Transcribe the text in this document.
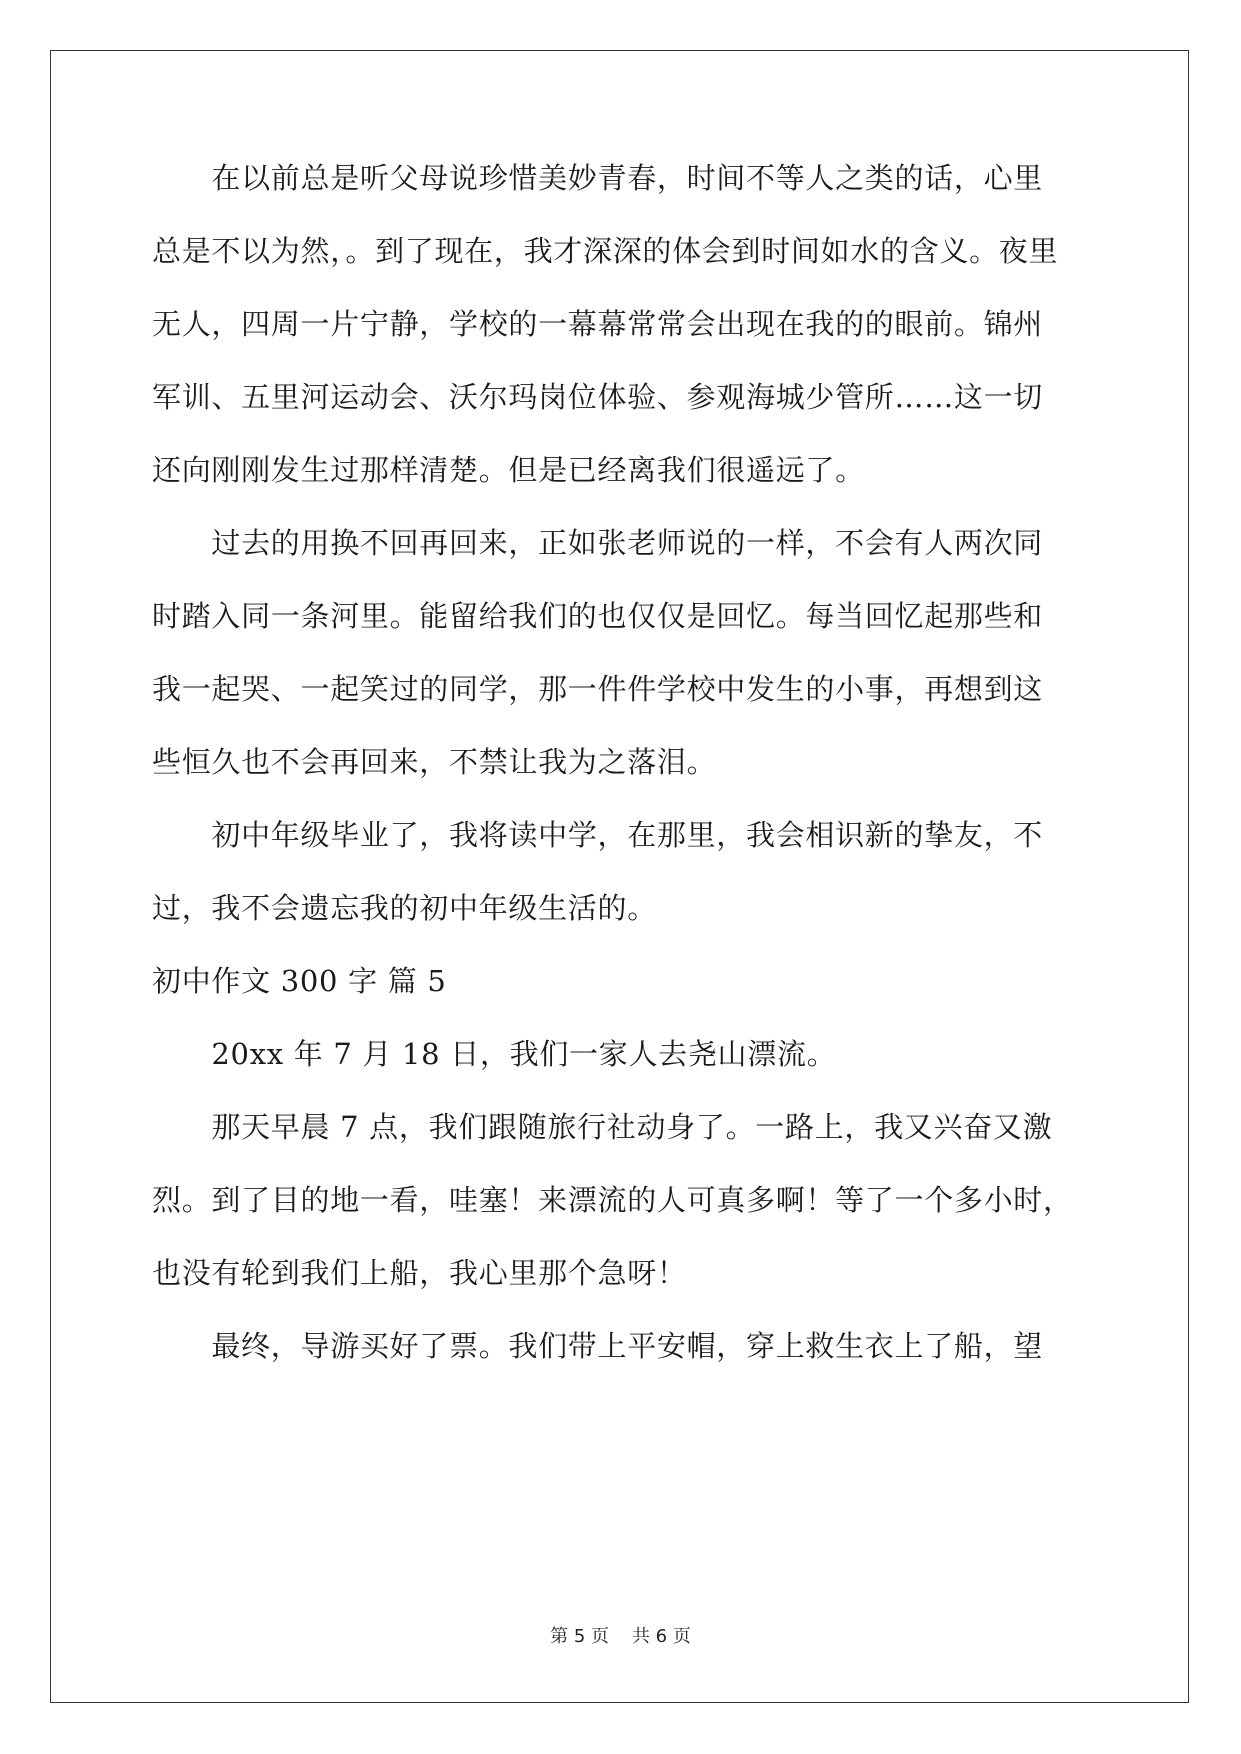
　　在以前总是听父母说珍惜美妙青春，时间不等人之类的话，心里
总是不以为然，。到了现在，我才深深的体会到时间如水的含义。夜里
无人，四周一片宁静，学校的一幕幕常常会出现在我的的眼前。锦州
军训、五里河运动会、沃尔玛岗位体验、参观海城少管所……这一切
还向刚刚发生过那样清楚。但是已经离我们很遥远了。
　　过去的用换不回再回来，正如张老师说的一样，不会有人两次同
时踏入同一条河里。能留给我们的也仅仅是回忆。每当回忆起那些和
我一起哭、一起笑过的同学，那一件件学校中发生的小事，再想到这
些恒久也不会再回来，不禁让我为之落泪。
　　初中年级毕业了，我将读中学，在那里，我会相识新的挚友，不
过，我不会遗忘我的初中年级生活的。
初中作文 300 字 篇 5
　　20xx 年 7 月 18 日，我们一家人去尧山漂流。
　　那天早晨 7 点，我们跟随旅行社动身了。一路上，我又兴奋又激
烈。到了目的地一看，哇塞！来漂流的人可真多啊！等了一个多小时，
也没有轮到我们上船，我心里那个急呀！
　　最终，导游买好了票。我们带上平安帽，穿上救生衣上了船，望
第 5 页    共 6 页
